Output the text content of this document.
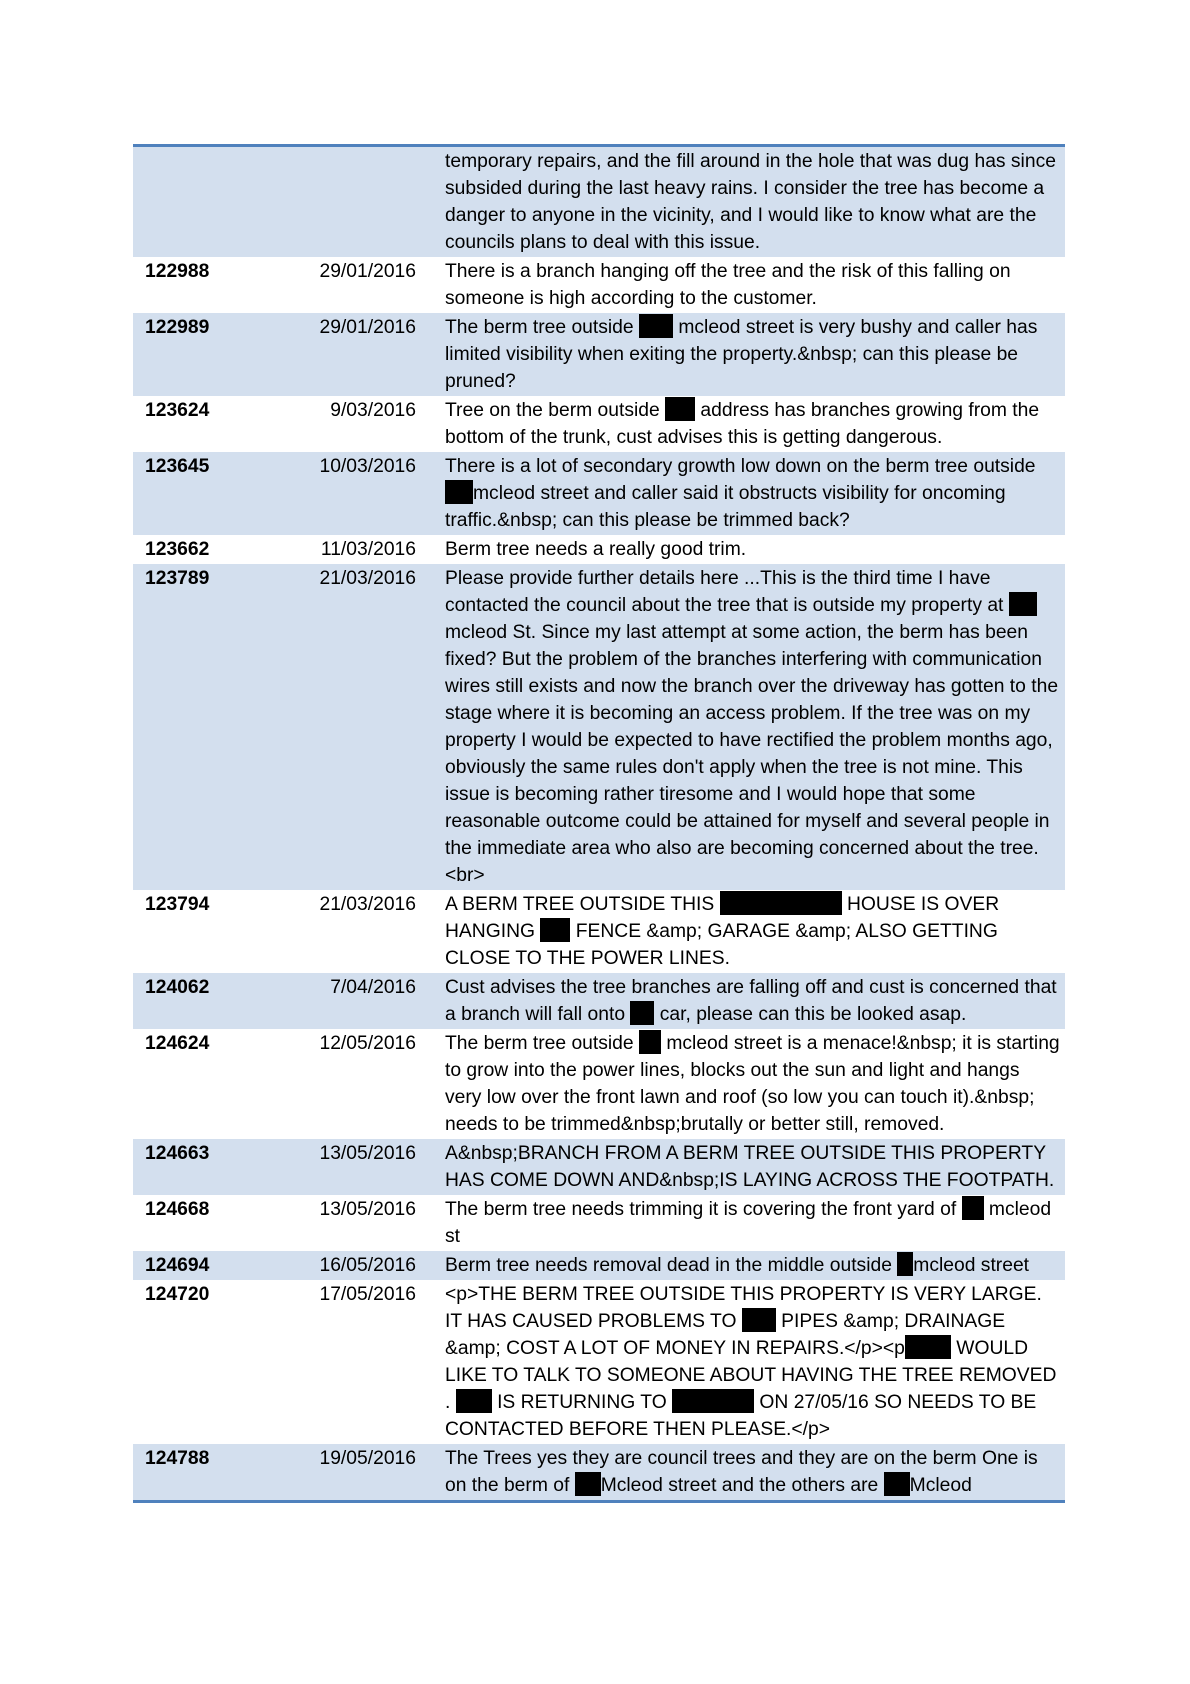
		temporary repairs, and the fill around in the hole that was dug has since subsided during the last heavy rains. I consider the tree has become a danger to anyone in the vicinity, and I would like to know what are the councils plans to deal with this issue.
122988	29/01/2016	There is a branch hanging off the tree and the risk of this falling on someone is high according to the customer.
122989	29/01/2016	The berm tree outside  mcleod street is very bushy and caller has limited visibility when exiting the property.&nbsp; can this please be pruned?
123624	9/03/2016	Tree on the berm outside  address has branches growing from the bottom of the trunk, cust advises this is getting dangerous.
123645	10/03/2016	There is a lot of secondary growth low down on the berm tree outside mcleod street and caller said it obstructs visibility for oncoming traffic.&nbsp; can this please be trimmed back?
123662	11/03/2016	Berm tree needs a really good trim.
123789	21/03/2016	Please provide further details here ...This is the third time I have contacted the council about the tree that is outside my property at mcleod St. Since my last attempt at some action, the berm has been fixed? But the problem of the branches interfering with communication wires still exists and now the branch over the driveway has gotten to the stage where it is becoming an access problem. If the tree was on my property I would be expected to have rectified the problem months ago, obviously the same rules don't apply when the tree is not mine. This issue is becoming rather tiresome and I would hope that some reasonable outcome could be attained for myself and several people in the immediate area who also are becoming concerned about the tree. <br>
123794	21/03/2016	A BERM TREE OUTSIDE THIS HOUSE IS OVER HANGING  FENCE &amp; GARAGE &amp; ALSO GETTING CLOSE TO THE POWER LINES.
124062	7/04/2016	Cust advises the tree branches are falling off and cust is concerned that a branch will fall onto  car, please can this be looked asap.
124624	12/05/2016	The berm tree outside  mcleod street is a menace!&nbsp; it is starting to grow into the power lines, blocks out the sun and light and hangs very low over the front lawn and roof (so low you can touch it).&nbsp; needs to be trimmed&nbsp;brutally or better still, removed.
124663	13/05/2016	A&nbsp;BRANCH FROM A BERM TREE OUTSIDE THIS PROPERTY HAS COME DOWN AND&nbsp;IS LAYING ACROSS THE FOOTPATH.
124668	13/05/2016	The berm tree needs trimming it is covering the front yard of  mcleod st
124694	16/05/2016	Berm tree needs removal dead in the middle outside mcleod street
124720	17/05/2016	<p>THE BERM TREE OUTSIDE THIS PROPERTY IS VERY LARGE. IT HAS CAUSED PROBLEMS TO  PIPES &amp; DRAINAGE &amp; COST A LOT OF MONEY IN REPAIRS.</p><p WOULD LIKE TO TALK TO SOMEONE ABOUT HAVING THE TREE REMOVED .  IS RETURNING TO ON 27/05/16 SO NEEDS TO BE CONTACTED BEFORE THEN PLEASE.</p>
124788	19/05/2016	The Trees yes they are council trees and they are on the berm One is on the berm of Mcleod street and the others are Mcleod
